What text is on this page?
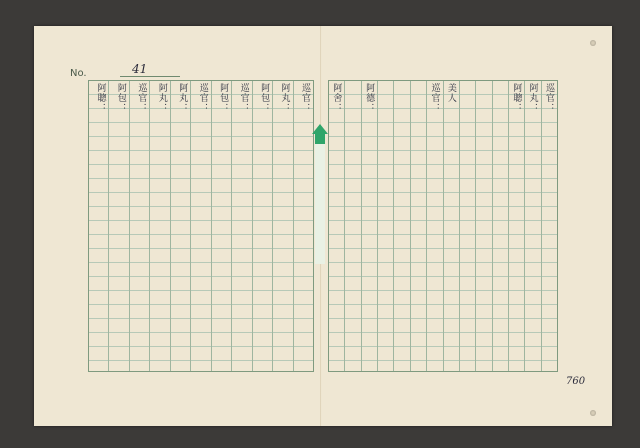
No.	41
阿聰：	阿包：	巡官：	阿丸：	阿丸：	巡官：	阿包：	巡官：	阿包：	阿丸：	巡官： 阿舍：	阿德：	巡官： 美人	阿聰： 阿丸： 巡官：
760
